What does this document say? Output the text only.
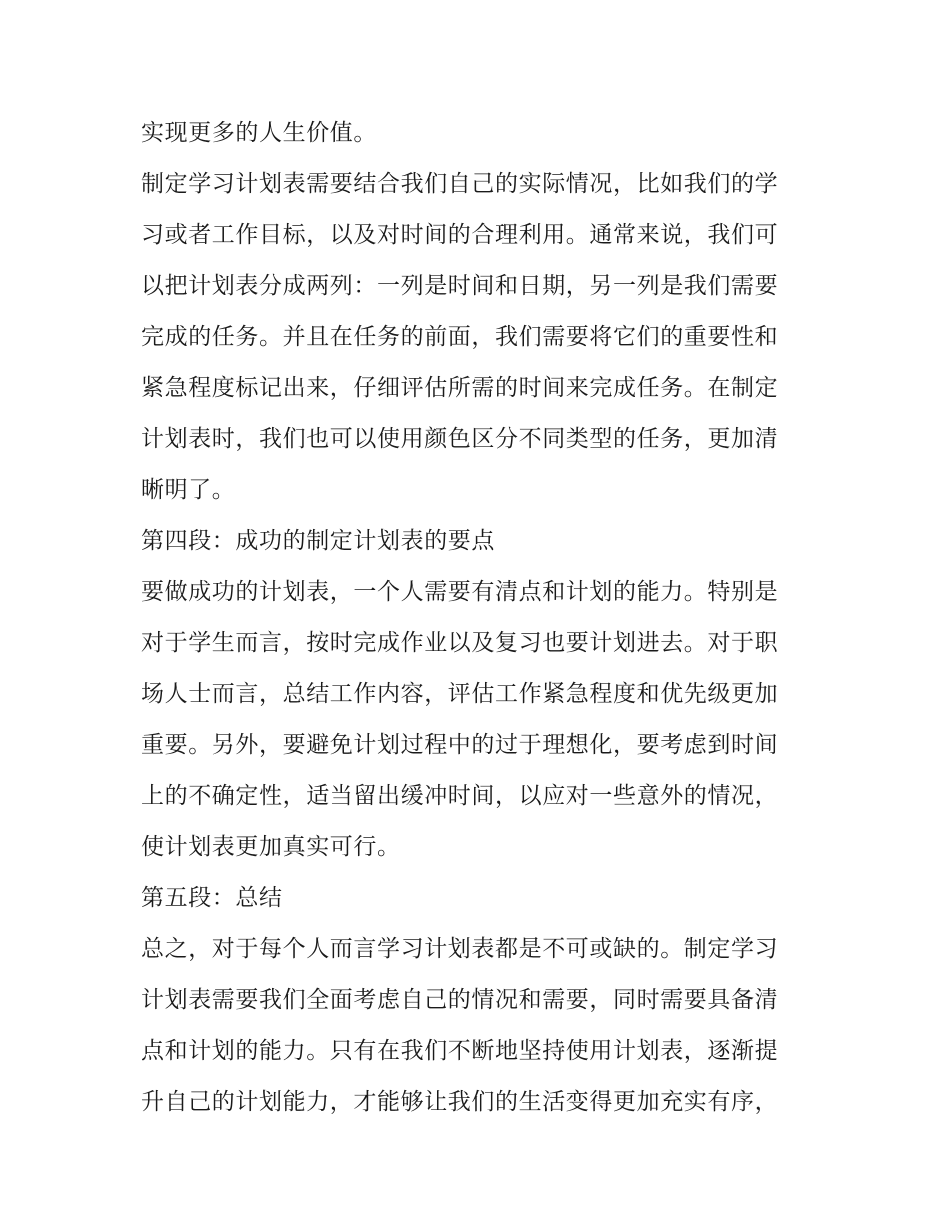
实现更多的人生价值。
制定学习计划表需要结合我们自己的实际情况，比如我们的学
习或者工作目标，以及对时间的合理利用。通常来说，我们可
以把计划表分成两列：一列是时间和日期，另一列是我们需要
完成的任务。并且在任务的前面，我们需要将它们的重要性和
紧急程度标记出来，仔细评估所需的时间来完成任务。在制定
计划表时，我们也可以使用颜色区分不同类型的任务，更加清
晰明了。
第四段：成功的制定计划表的要点
要做成功的计划表，一个人需要有清点和计划的能力。特别是
对于学生而言，按时完成作业以及复习也要计划进去。对于职
场人士而言，总结工作内容，评估工作紧急程度和优先级更加
重要。另外，要避免计划过程中的过于理想化，要考虑到时间
上的不确定性，适当留出缓冲时间，以应对一些意外的情况，
使计划表更加真实可行。
第五段：总结
总之，对于每个人而言学习计划表都是不可或缺的。制定学习
计划表需要我们全面考虑自己的情况和需要，同时需要具备清
点和计划的能力。只有在我们不断地坚持使用计划表，逐渐提
升自己的计划能力，才能够让我们的生活变得更加充实有序，
